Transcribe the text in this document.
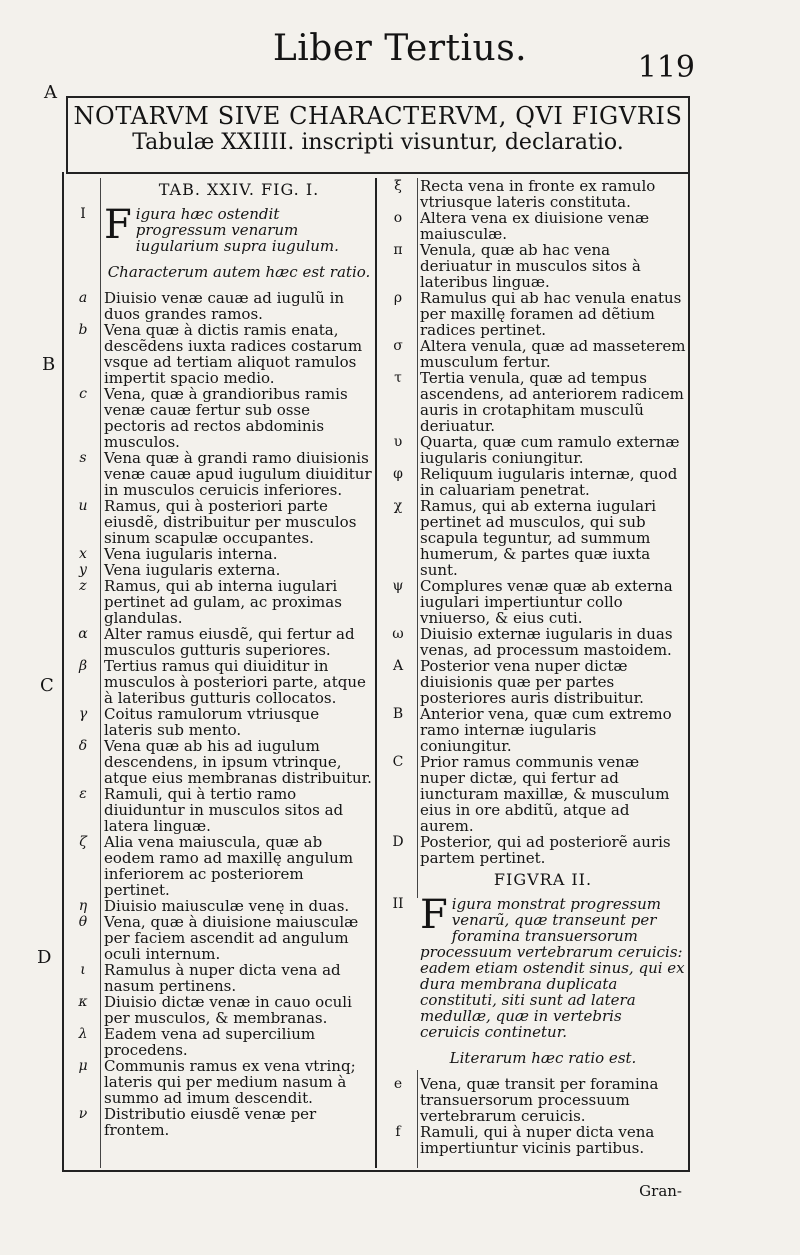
Liber Tertius.	119
A
B
C
D
NOTARVM SIVE CHARACTERVM, QVI FIGVRIS
Tabulæ XXIIII. inscripti visuntur, declaratio.
TAB. XXIV. FIG. I.
I Figura hæc ostendit progressum venarum iugularium supra iugulum.
Characterum autem hæc est ratio.
a	Diuisio venæ cauæ ad iugulũ in duos grandes ramos.
b	Vena quæ à dictis ramis enata, descẽdens iuxta radices costarum vsque ad tertiam aliquot ramulos impertit spacio medio.
c	Vena, quæ à grandioribus ramis venæ cauæ fertur sub osse pectoris ad rectos abdominis musculos.
s	Vena quæ à grandi ramo diuisionis venæ cauæ apud iugulum diuiditur in musculos ceruicis inferiores.
u	Ramus, qui à posteriori parte eiusdẽ, distribuitur per musculos sinum scapulæ occupantes.
x	Vena iugularis interna.
y	Vena iugularis externa.
z	Ramus, qui ab interna iugulari pertinet ad gulam, ac proximas glandulas.
α	Alter ramus eiusdẽ, qui fertur ad musculos gutturis superiores.
β	Tertius ramus qui diuiditur in musculos à posteriori parte, atque à lateribus gutturis collocatos.
γ	Coitus ramulorum vtriusque lateris sub mento.
δ	Vena quæ ab his ad iugulum descendens, in ipsum vtrinque, atque eius membranas distribuitur.
ε	Ramuli, qui à tertio ramo diuiduntur in musculos sitos ad latera linguæ.
ζ	Alia vena maiuscula, quæ ab eodem ramo ad maxillę angulum inferiorem ac posteriorem pertinet.
η	Diuisio maiusculæ venę in duas.
θ	Vena, quæ à diuisione maiusculæ per faciem ascendit ad angulum oculi internum.
ι	Ramulus à nuper dicta vena ad nasum pertinens.
κ	Diuisio dictæ venæ in cauo oculi per musculos, & membranas.
λ	Eadem vena ad supercilium procedens.
μ	Communis ramus ex vena vtrinq; lateris qui per medium nasum à summo ad imum descendit.
ν	Distributio eiusdẽ venæ per frontem.
ξ	Recta vena in fronte ex ramulo vtriusque lateris constituta.
ο	Altera vena ex diuisione venæ maiusculæ.
π	Venula, quæ ab hac vena deriuatur in musculos sitos à lateribus linguæ.
ρ	Ramulus qui ab hac venula enatus per maxillę foramen ad dẽtium radices pertinet.
σ	Altera venula, quæ ad masseterem musculum fertur.
τ	Tertia venula, quæ ad tempus ascendens, ad anteriorem radicem auris in crotaphitam musculũ deriuatur.
υ	Quarta, quæ cum ramulo externæ iugularis coniungitur.
φ	Reliquum iugularis internæ, quod in caluariam penetrat.
χ	Ramus, qui ab externa iugulari pertinet ad musculos, qui sub scapula teguntur, ad summum humerum, & partes quæ iuxta sunt.
ψ	Complures venæ quæ ab externa iugulari impertiuntur collo vniuerso, & eius cuti.
ω	Diuisio externæ iugularis in duas venas, ad processum mastoidem.
A	Posterior vena nuper dictæ diuisionis quæ per partes posteriores auris distribuitur.
B	Anterior vena, quæ cum extremo ramo internæ iugularis coniungitur.
C	Prior ramus communis venæ nuper dictæ, qui fertur ad iuncturam maxillæ, & musculum eius in ore abditũ, atque ad aurem.
D	Posterior, qui ad posteriorẽ auris partem pertinet.
FIGVRA II.
II Figura monstrat progressum venarũ, quæ transeunt per foramina transuersorum processuum vertebrarum ceruicis: eadem etiam ostendit sinus, qui ex dura membrana duplicata constituti, siti sunt ad latera medullæ, quæ in vertebris ceruicis continetur.
Literarum hæc ratio est.
e	Vena, quæ transit per foramina transuersorum processuum vertebrarum ceruicis.
f	Ramuli, qui à nuper dicta vena impertiuntur vicinis partibus.
Gran-
